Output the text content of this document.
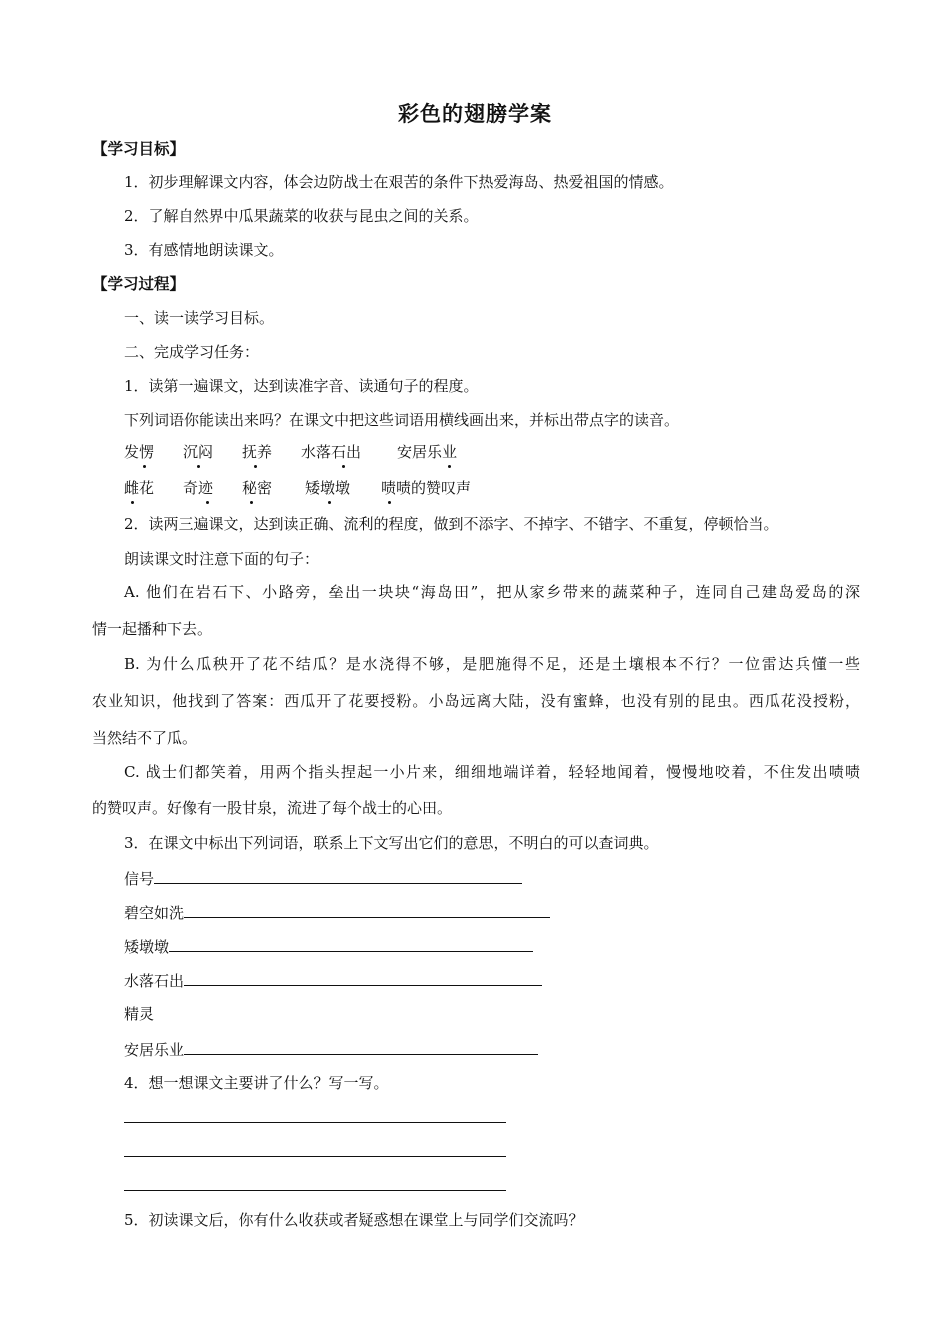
彩色的翅膀学案
【学习目标】
1．初步理解课文内容，体会边防战士在艰苦的条件下热爱海岛、热爱祖国的情感。
2．了解自然界中瓜果蔬菜的收获与昆虫之间的关系。
3．有感情地朗读课文。
【学习过程】
一、读一读学习目标。
二、完成学习任务：
1．读第一遍课文，达到读准字音、读通句子的程度。
下列词语你能读出来吗？在课文中把这些词语用横线画出来，并标出带点字的读音。
发愣 沉闷 抚养 水落石出 安居乐业
雌花 奇迹 秘密 矮墩墩 啧啧的赞叹声
2．读两三遍课文，达到读正确、流利的程度，做到不添字、不掉字、不错字、不重复，停顿恰当。
朗读课文时注意下面的句子：
A. 他们在岩石下、小路旁，垒出一块块“海岛田”，把从家乡带来的蔬菜种子，连同自己建岛爱岛的深
情一起播种下去。
B. 为什么瓜秧开了花不结瓜？是水浇得不够，是肥施得不足，还是土壤根本不行？一位雷达兵懂一些
农业知识，他找到了答案：西瓜开了花要授粉。小岛远离大陆，没有蜜蜂，也没有别的昆虫。西瓜花没授粉，
当然结不了瓜。
C. 战士们都笑着，用两个指头捏起一小片来，细细地端详着，轻轻地闻着，慢慢地咬着，不住发出啧啧
的赞叹声。好像有一股甘泉，流进了每个战士的心田。
3．在课文中标出下列词语，联系上下文写出它们的意思，不明白的可以查词典。
信号
碧空如洗
矮墩墩
水落石出
精灵
安居乐业
4．想一想课文主要讲了什么？写一写。
5．初读课文后，你有什么收获或者疑惑想在课堂上与同学们交流吗？
